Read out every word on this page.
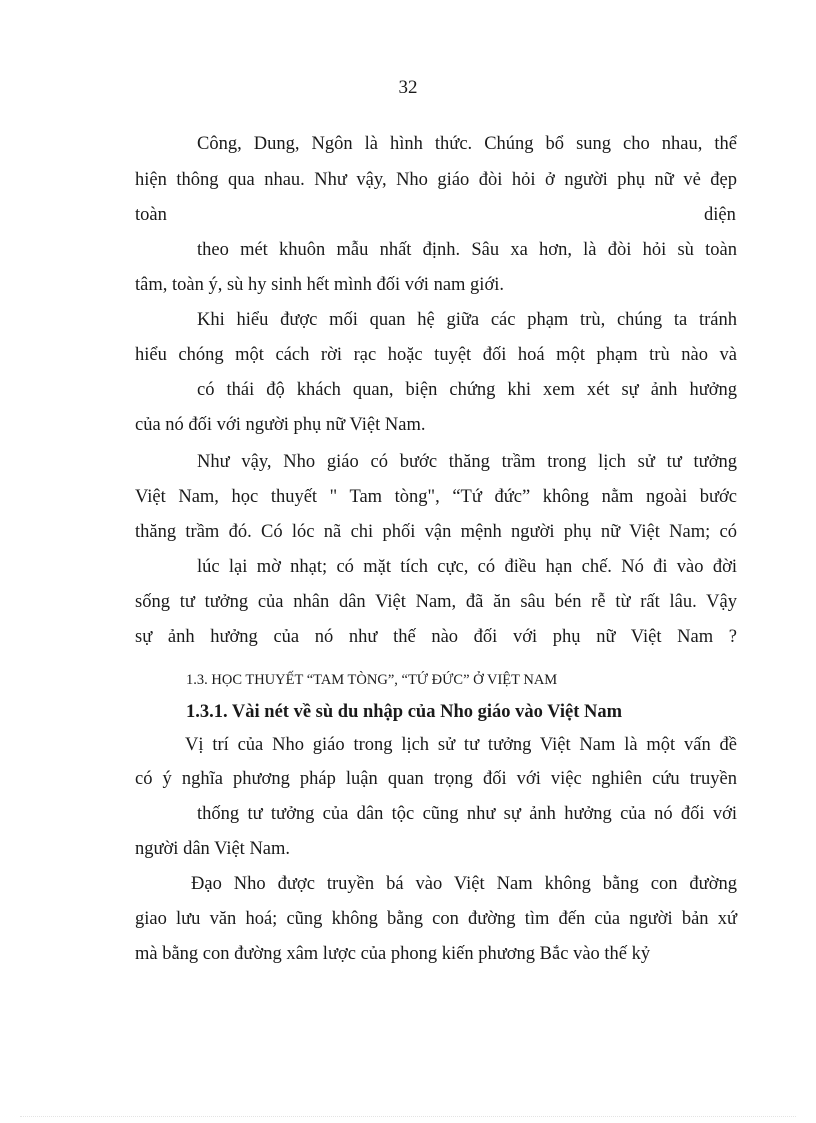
32
Công, Dung, Ngôn là hình thức. Chúng bổ sung cho nhau, thể
hiện thông qua nhau. Như vậy, Nho giáo đòi hỏi ở người phụ nữ vẻ đẹp
toàn	diện
theo mét khuôn mẫu nhất định. Sâu xa hơn, là đòi hỏi sù toàn
tâm, toàn ý, sù hy sinh hết mình đối với nam giới.
Khi hiểu được mối quan hệ giữa các phạm trù, chúng ta tránh
hiểu chóng một cách rời rạc hoặc tuyệt đối hoá một phạm trù nào và
có thái độ khách quan, biện chứng khi xem xét sự ảnh hưởng
của nó đối với người phụ nữ Việt Nam.
Như vậy, Nho giáo có bước thăng trầm trong lịch sử tư tưởng
Việt Nam, học thuyết " Tam tòng", “Tứ đức” không nằm ngoài bước
thăng trầm đó. Có lóc nã chi phối vận mệnh người phụ nữ Việt Nam; có
lúc lại mờ nhạt; có mặt tích cực, có điều hạn chế. Nó đi vào đời
sống tư tưởng của nhân dân Việt Nam, đã ăn sâu bén rễ từ rất lâu. Vậy
sự ảnh hưởng của nó như thế nào đối với phụ nữ Việt Nam ?
1.3. HỌC THUYẾT “TAM TÒNG”, “TỨ ĐỨC” Ở VIỆT NAM
1.3.1. Vài nét về sù du nhập của Nho giáo vào Việt Nam
Vị trí của Nho giáo trong lịch sử tư tưởng Việt Nam là một vấn đề
có ý nghĩa phương pháp luận quan trọng đối với việc nghiên cứu truyền
thống tư tưởng của dân tộc cũng như sự ảnh hưởng của nó đối với
người dân Việt Nam.
Đạo Nho được truyền bá vào Việt Nam không bằng con đường
giao lưu văn hoá; cũng không bằng con đường tìm đến của người bản xứ
mà bằng con đường xâm lược của phong kiến phương Bắc vào thế kỷ
